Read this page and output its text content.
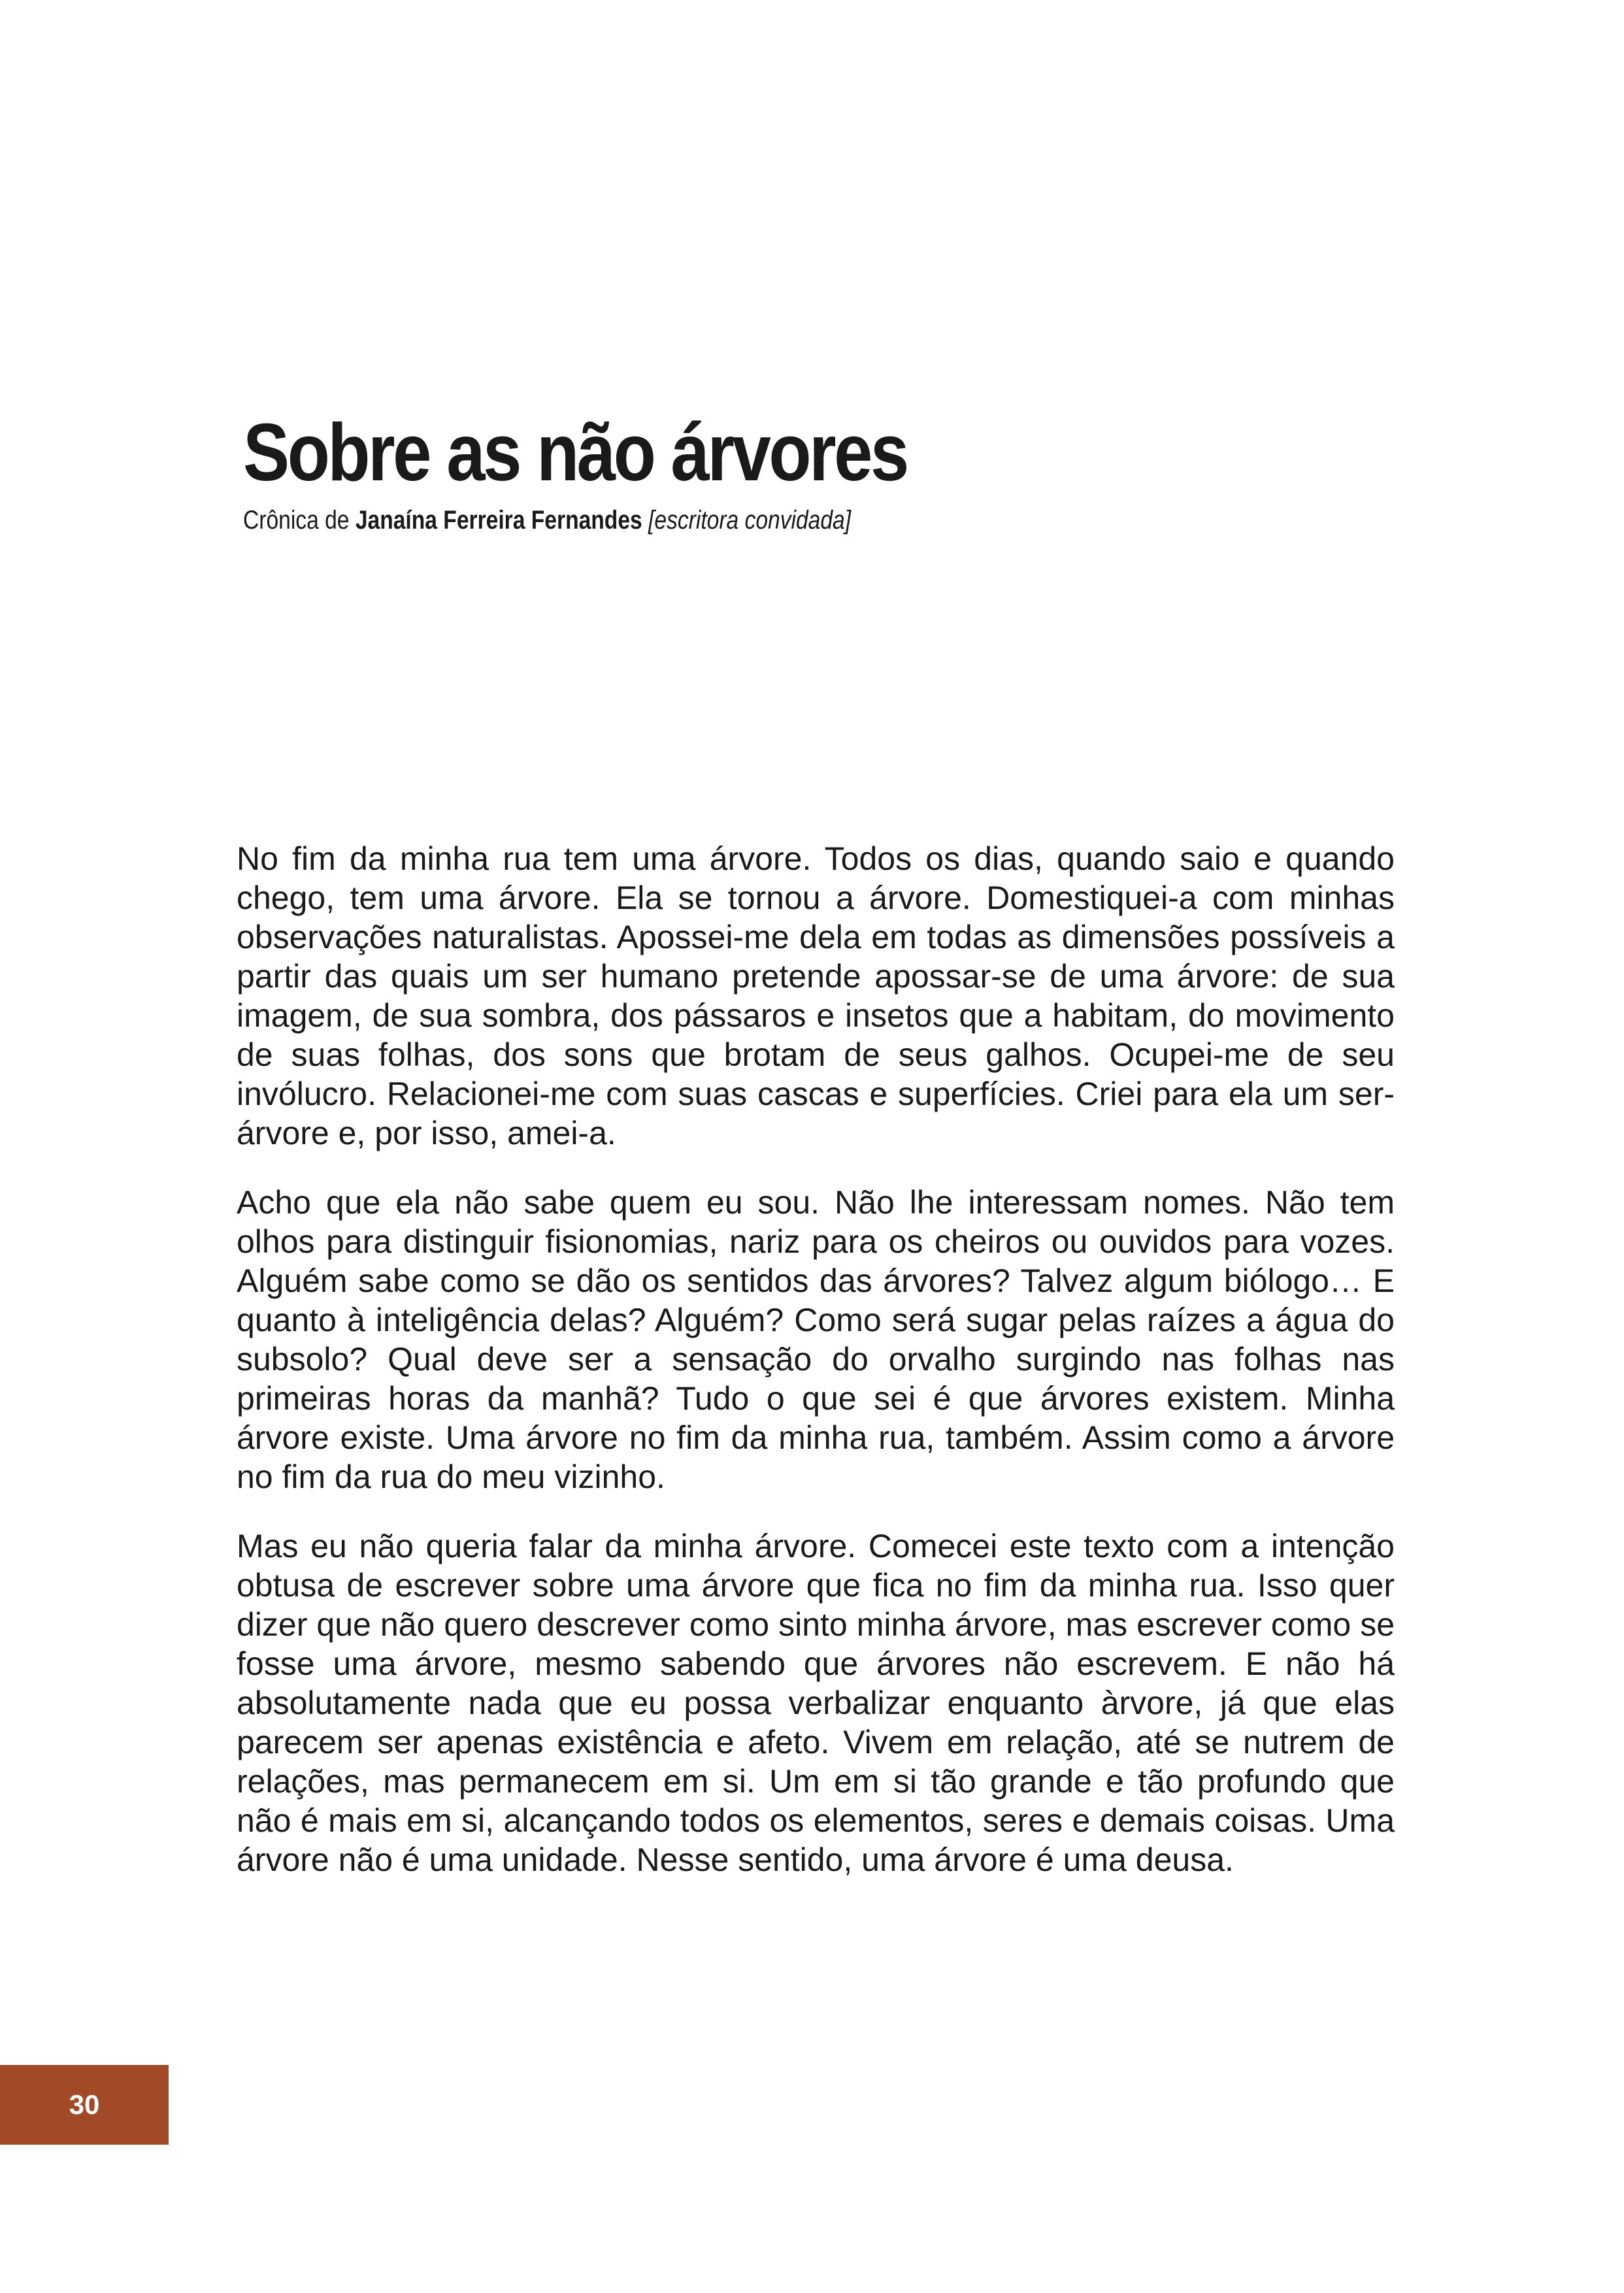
Sobre as não árvores

Crônica de Janaína Ferreira Fernandes [escritora convidada]

No fim da minha rua tem uma árvore. Todos os dias, quando saio e quando chego, tem uma árvore. Ela se tornou a árvore. Domestiquei-a com minhas observações naturalistas. Apossei-me dela em todas as dimensões possíveis a partir das quais um ser humano pretende apossar-se de uma árvore: de sua imagem, de sua sombra, dos pássaros e insetos que a habitam, do movimento de suas folhas, dos sons que brotam de seus galhos. Ocupei-me de seu invólucro. Relacionei-me com suas cascas e superfícies. Criei para ela um ser-árvore e, por isso, amei-a.

Acho que ela não sabe quem eu sou. Não lhe interessam nomes. Não tem olhos para distinguir fisionomias, nariz para os cheiros ou ouvidos para vozes. Alguém sabe como se dão os sentidos das árvores? Talvez algum biólogo… E quanto à inteligência delas? Alguém? Como será sugar pelas raízes a água do subsolo? Qual deve ser a sensação do orvalho surgindo nas folhas nas primeiras horas da manhã? Tudo o que sei é que árvores existem. Minha árvore existe. Uma árvore no fim da minha rua, também. Assim como a árvore no fim da rua do meu vizinho.

Mas eu não queria falar da minha árvore. Comecei este texto com a intenção obtusa de escrever sobre uma árvore que fica no fim da minha rua. Isso quer dizer que não quero descrever como sinto minha árvore, mas escrever como se fosse uma árvore, mesmo sabendo que árvores não escrevem. E não há absolutamente nada que eu possa verbalizar enquanto àrvore, já que elas parecem ser apenas existência e afeto. Vivem em relação, até se nutrem de relações, mas permanecem em si. Um em si tão grande e tão profundo que não é mais em si, alcançando todos os elementos, seres e demais coisas. Uma árvore não é uma unidade. Nesse sentido, uma árvore é uma deusa.

30
